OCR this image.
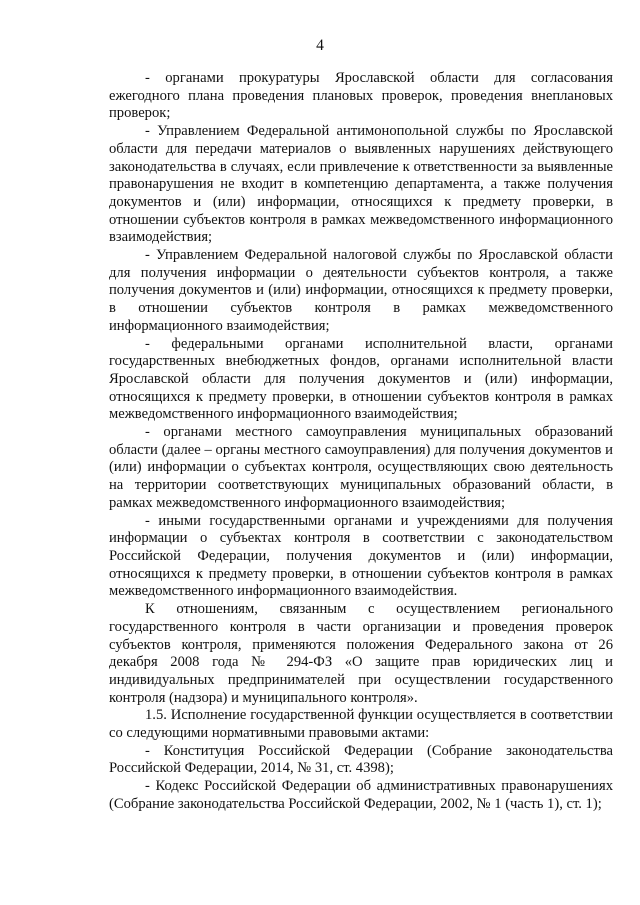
4

- органами прокуратуры Ярославской области для согласования ежегодного плана проведения плановых проверок, проведения внеплановых проверок;

- Управлением Федеральной антимонопольной службы по Ярославской области для передачи материалов о выявленных нарушениях действующего законодательства в случаях, если привлечение к ответственности за выявленные правонарушения не входит в компетенцию департамента, а также получения документов и (или) информации, относящихся к предмету проверки, в отношении субъектов контроля в рамках межведомственного информационного взаимодействия;

- Управлением Федеральной налоговой службы по Ярославской области для получения информации о деятельности субъектов контроля, а также получения документов и (или) информации, относящихся к предмету проверки, в отношении субъектов контроля в рамках межведомственного информационного взаимодействия;

- федеральными органами исполнительной власти, органами государственных внебюджетных фондов, органами исполнительной власти Ярославской области для получения документов и (или) информации, относящихся к предмету проверки, в отношении субъектов контроля в рамках межведомственного информационного взаимодействия;

- органами местного самоуправления муниципальных образований области (далее – органы местного самоуправления) для получения документов и (или) информации о субъектах контроля, осуществляющих свою деятельность на территории соответствующих муниципальных образований области, в рамках межведомственного информационного взаимодействия;

- иными государственными органами и учреждениями для получения информации о субъектах контроля в соответствии с законодательством Российской Федерации, получения документов и (или) информации, относящихся к предмету проверки, в отношении субъектов контроля в рамках межведомственного информационного взаимодействия.

К отношениям, связанным с осуществлением регионального государственного контроля в части организации и проведения проверок субъектов контроля, применяются положения Федерального закона от 26 декабря 2008 года № 294-ФЗ «О защите прав юридических лиц и индивидуальных предпринимателей при осуществлении государственного контроля (надзора) и муниципального контроля».

1.5. Исполнение государственной функции осуществляется в соответствии со следующими нормативными правовыми актами:

- Конституция Российской Федерации (Собрание законодательства Российской Федерации, 2014, № 31, ст. 4398);

- Кодекс Российской Федерации об административных правонарушениях (Собрание законодательства Российской Федерации, 2002, № 1 (часть 1), ст. 1);
